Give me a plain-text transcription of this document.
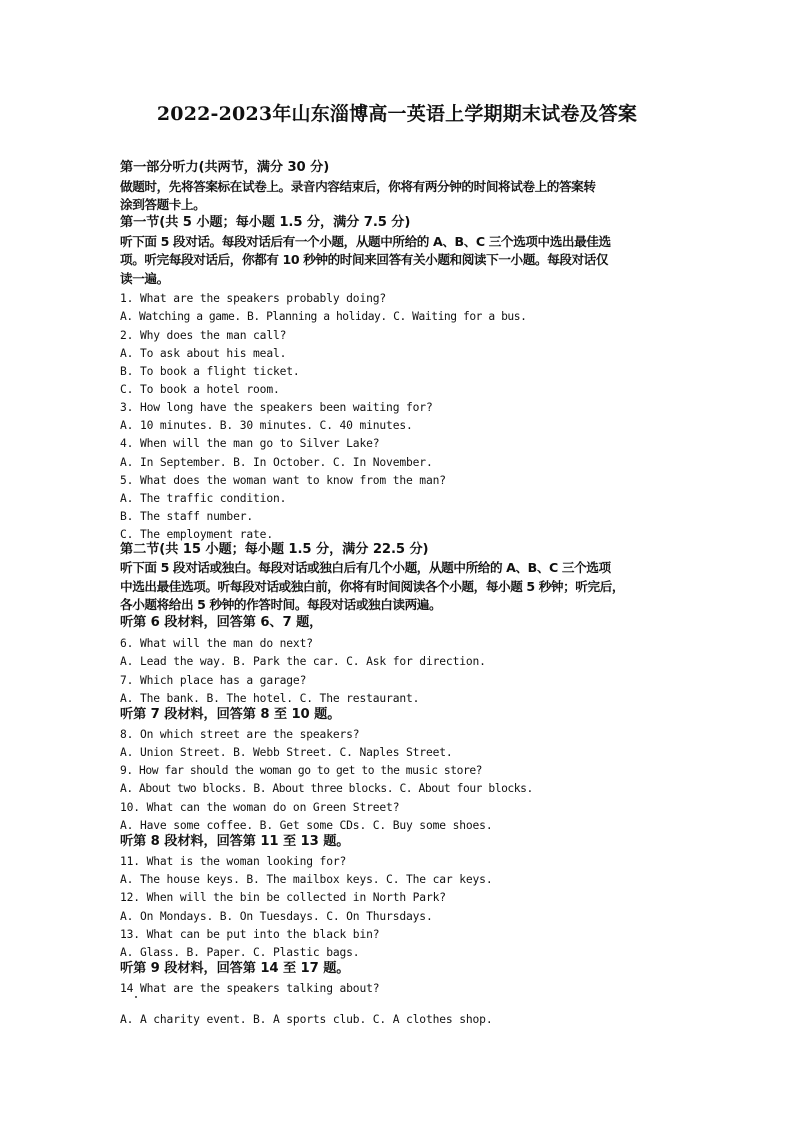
2022-2023年山东淄博高一英语上学期期末试卷及答案
第一部分听力(共两节，满分 30 分)
做题时，先将答案标在试卷上。录音内容结束后，你将有两分钟的时间将试卷上的答案转
涂到答题卡上。
第一节(共 5 小题；每小题 1.5 分，满分 7.5 分)
听下面 5 段对话。每段对话后有一个小题，从题中所给的 A、B、C 三个选项中选出最佳选
项。听完每段对话后，你都有 10 秒钟的时间来回答有关小题和阅读下一小题。每段对话仅
读一遍。
1. What are the speakers probably doing?
A. Watching a game. B. Planning a holiday. C. Waiting for a bus.
2. Why does the man call?
A. To ask about his meal.
B. To book a flight ticket.
C. To book a hotel room.
3. How long have the speakers been waiting for?
A. 10 minutes. B. 30 minutes. C. 40 minutes.
4. When will the man go to Silver Lake?
A. In September. B. In October. C. In November.
5. What does the woman want to know from the man?
A. The traffic condition.
B. The staff number.
C. The employment rate.
第二节(共 15 小题；每小题 1.5 分，满分 22.5 分)
听下面 5 段对话或独白。每段对话或独白后有几个小题，从题中所给的 A、B、C 三个选项
中选出最佳选项。听每段对话或独白前，你将有时间阅读各个小题，每小题 5 秒钟；听完后，
各小题将给出 5 秒钟的作答时间。每段对话或独白读两遍。
听第 6 段材料，回答第 6、7 题，
6. What will the man do next?
A. Lead the way. B. Park the car. C. Ask for direction.
7. Which place has a garage?
A. The bank. B. The hotel. C. The restaurant.
听第 7 段材料，回答第 8 至 10 题。
8. On which street are the speakers?
A. Union Street. B. Webb Street. C. Naples Street.
9. How far should the woman go to get to the music store?
A. About two blocks. B. About three blocks. C. About four blocks.
10. What can the woman do on Green Street?
A. Have some coffee. B. Get some CDs. C. Buy some shoes.
听第 8 段材料，回答第 11 至 13 题。
11. What is the woman looking for?
A. The house keys. B. The mailbox keys. C. The car keys.
12. When will the bin be collected in North Park?
A. On Mondays. B. On Tuesdays. C. On Thursdays.
13. What can be put into the black bin?
A. Glass. B. Paper. C. Plastic bags.
听第 9 段材料，回答第 14 至 17 题。
14 What are the speakers talking about?
A. A charity event. B. A sports club. C. A clothes shop.
